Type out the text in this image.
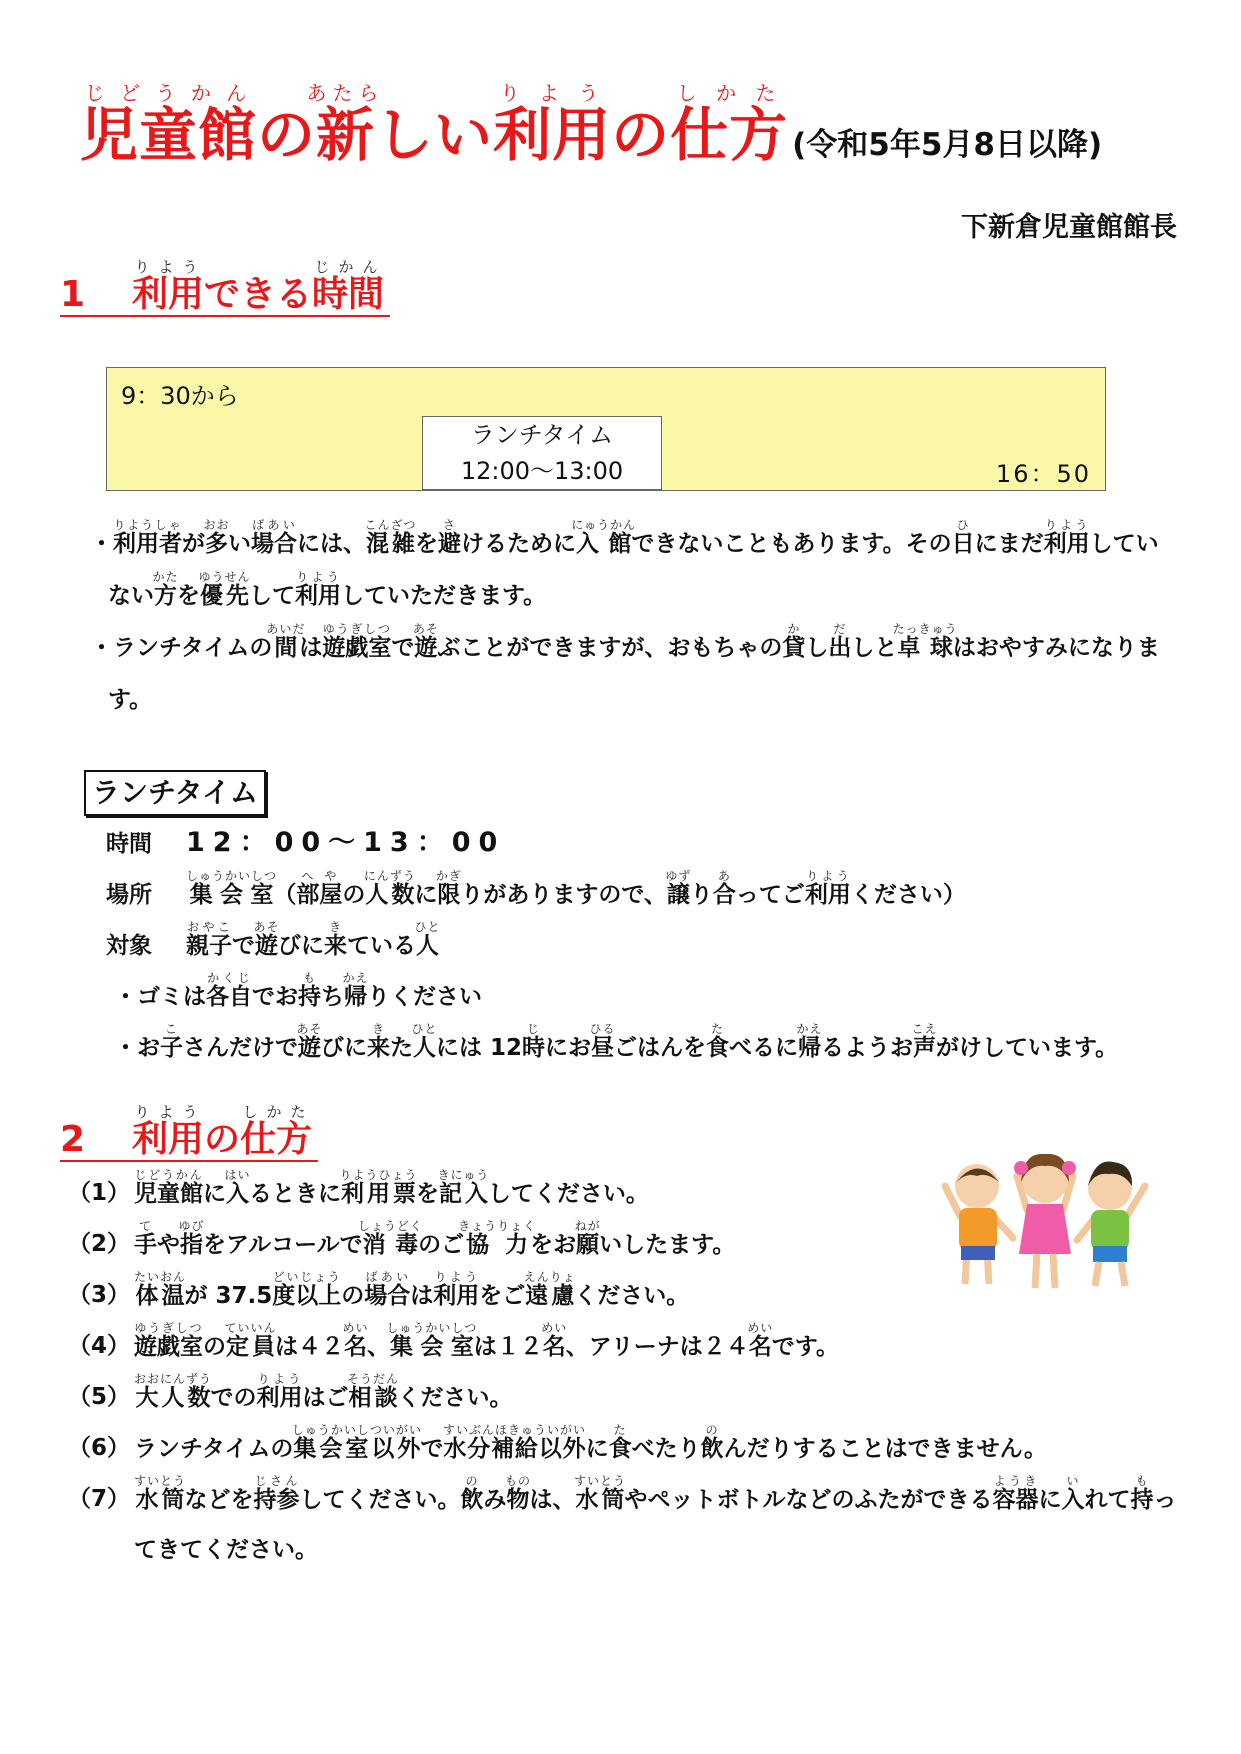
児童館じどうかんの新あたらしい利用りようの仕方しかた(令和5年5月8日以降)
下新倉児童館館長
1 利用りようできる時間じかん
9：30から
ランチタイム
12:00～13:00	16：50

・利用者りようしゃが多おおい場合ばあいには、混雑こんざつを避さけるために入館にゅうかんできないこともあります。その日ひにまだ利用りようしていない方かたを優先ゆうせんして利用りようしていただきます。

・ランチタイムの間あいだは遊戯室ゆうぎしつで遊あそぶことができますが、おもちゃの貸かし出だしと卓球たっきゅうはおやすみになります。

ランチタイム
時間 12：00～13：00
場所 集会室しゅうかいしつ（部屋へやの人数にんずうに限かぎりがありますので、譲ゆずり合あってご利用りようください）
対象 親子おやこで遊あそびに来きている人ひと
・ゴミは各自かくじでお持もち帰かえりください
・お子こさんだけで遊あそびに来きた人ひとには 12時じにお昼ひるごはんを食たべるに帰かえるようお声こえがけしています。
2 利用りようの仕方しかた
（1） 児童館じどうかんに入はいるときに利用票りようひょうを記入きにゅうしてください。
（2） 手てや指ゆびをアルコールで消毒しょうどくのご協力きょうりょくをお願ねがいしたます。
（3） 体温たいおんが 37.5度以上どいじょうの場合ばあいは利用りようをご遠慮えんりょください。
（4） 遊戯室ゆうぎしつの定員ていいんは４２名めい、集会室しゅうかいしつは１２名めい、アリーナは２４名めいです。
（5） 大人数おおにんずうでの利用りようはご相談そうだんください。
（6） ランチタイムの集会室以外しゅうかいしついがいで水分補給以外すいぶんほきゅういがいに食たべたり飲のんだりすることはできません。
（7） 水筒すいとうなどを持参じさんしてください。飲のみ物ものは、水筒すいとうやペットボトルなどのふたができる容器ようきに入いれて持もってきてください。
